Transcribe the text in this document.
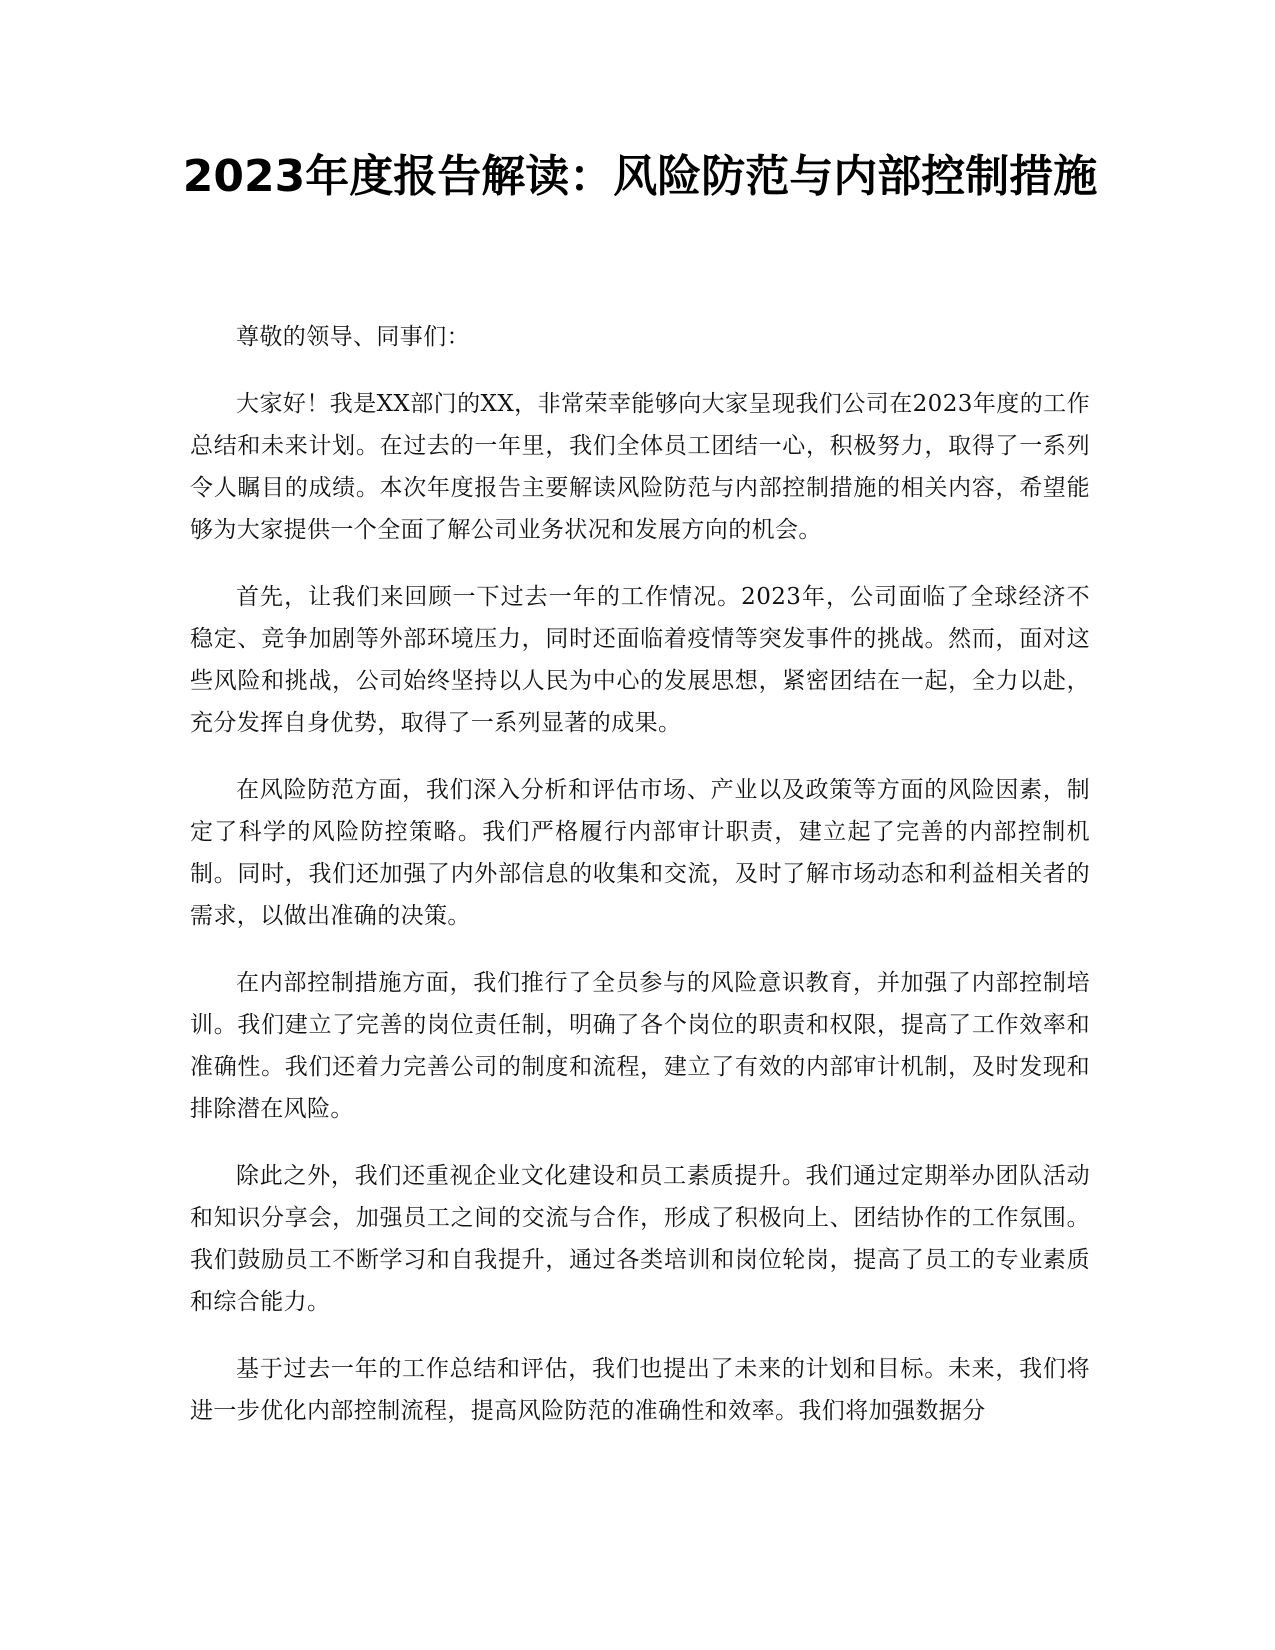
2023年度报告解读：风险防范与内部控制措施

尊敬的领导、同事们：

大家好！我是XX部门的XX，非常荣幸能够向大家呈现我们公司在2023年度的工作总结和未来计划。在过去的一年里，我们全体员工团结一心，积极努力，取得了一系列令人瞩目的成绩。本次年度报告主要解读风险防范与内部控制措施的相关内容，希望能够为大家提供一个全面了解公司业务状况和发展方向的机会。

首先，让我们来回顾一下过去一年的工作情况。2023年，公司面临了全球经济不稳定、竞争加剧等外部环境压力，同时还面临着疫情等突发事件的挑战。然而，面对这些风险和挑战，公司始终坚持以人民为中心的发展思想，紧密团结在一起，全力以赴，充分发挥自身优势，取得了一系列显著的成果。

在风险防范方面，我们深入分析和评估市场、产业以及政策等方面的风险因素，制定了科学的风险防控策略。我们严格履行内部审计职责，建立起了完善的内部控制机制。同时，我们还加强了内外部信息的收集和交流，及时了解市场动态和利益相关者的需求，以做出准确的决策。

在内部控制措施方面，我们推行了全员参与的风险意识教育，并加强了内部控制培训。我们建立了完善的岗位责任制，明确了各个岗位的职责和权限，提高了工作效率和准确性。我们还着力完善公司的制度和流程，建立了有效的内部审计机制，及时发现和排除潜在风险。

除此之外，我们还重视企业文化建设和员工素质提升。我们通过定期举办团队活动和知识分享会，加强员工之间的交流与合作，形成了积极向上、团结协作的工作氛围。我们鼓励员工不断学习和自我提升，通过各类培训和岗位轮岗，提高了员工的专业素质和综合能力。

基于过去一年的工作总结和评估，我们也提出了未来的计划和目标。未来，我们将进一步优化内部控制流程，提高风险防范的准确性和效率。我们将加强数据分
